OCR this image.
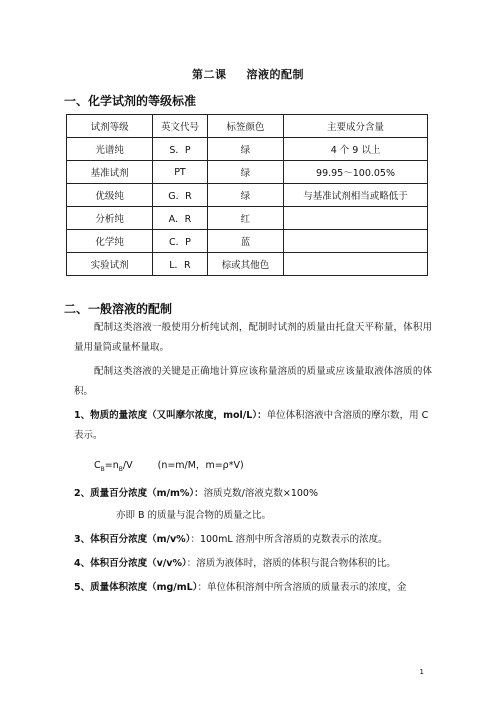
第二课 溶液的配制
一、化学试剂的等级标准
试剂等级	英文代号	标签颜色	主要成分含量
光谱纯	S．P	绿	4 个 9 以上
基准试剂	PT	绿	99.95～100.05%
优级纯	G．R	绿	与基准试剂相当或略低于
分析纯	A．R	红	
化学纯	C．P	蓝	
实验试剂	L．R	棕或其他色	
二、一般溶液的配制
配制这类溶液一般使用分析纯试剂，配制时试剂的质量由托盘天平称量，体积用量用量筒或量杯量取。
配制这类溶液的关键是正确地计算应该称量溶质的质量或应该量取液体溶质的体积。
1、物质的量浓度（又叫摩尔浓度，mol/L）：单位体积溶液中含溶质的摩尔数，用 C 表示。
$C_B=n_B/V$	(n=m/M，m=ρ*V)
2、质量百分浓度（m/m%）：溶质克数/溶液克数×100%
亦即 B 的质量与混合物的质量之比。
3、体积百分浓度（m/v%）：100mL 溶剂中所含溶质的克数表示的浓度。
4、体积百分浓度（v/v%）：溶质为液体时，溶质的体积与混合物体积的比。
5、质量体积浓度（mg/mL）：单位体积溶剂中所含溶质的质量表示的浓度，金
1
